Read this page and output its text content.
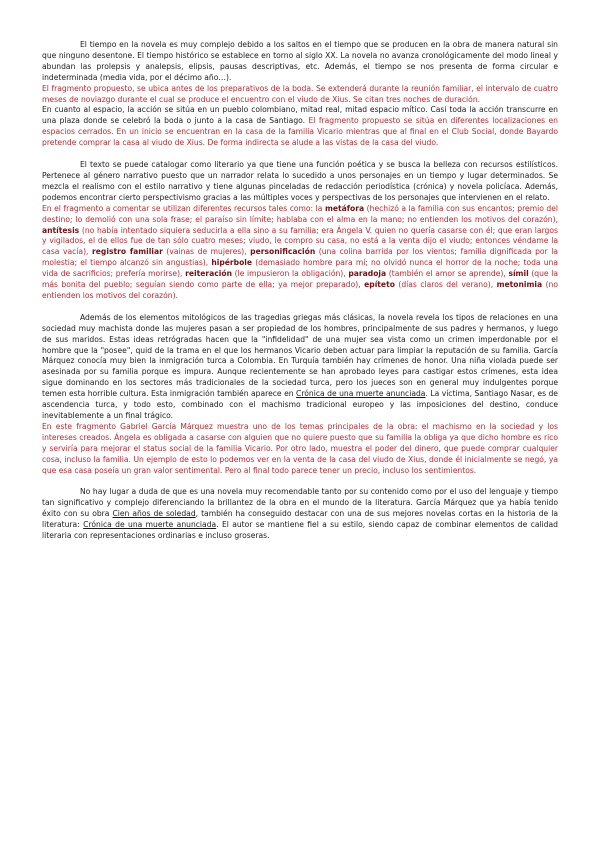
El tiempo en la novela es muy complejo debido a los saltos en el tiempo que se producen en la obra de manera natural sin que ninguno desentone. El tiempo histórico se establece en torno al siglo XX. La novela no avanza cronológicamente del modo lineal y abundan las prolepsis y analepsis, elipsis, pausas descriptivas, etc. Además, el tiempo se nos presenta de forma circular e indeterminada (media vida, por el décimo año…).

El fragmento propuesto, se ubica antes de los preparativos de la boda. Se extenderá durante la reunión familiar, el intervalo de cuatro meses de noviazgo durante el cual se produce el encuentro con el viudo de Xius. Se citan tres noches de duración.

En cuanto al espacio, la acción se sitúa en un pueblo colombiano, mitad real, mitad espacio mítico. Casi toda la acción transcurre en una plaza donde se celebró la boda o junto a la casa de Santiago. El fragmento propuesto se sitúa en diferentes localizaciones en espacios cerrados. En un inicio se encuentran en la casa de la familia Vicario mientras que al final en el Club Social, donde Bayardo pretende comprar la casa al viudo de Xius. De forma indirecta se alude a las vistas de la casa del viudo.

El texto se puede catalogar como literario ya que tiene una función poética y se busca la belleza con recursos estilísticos. Pertenece al género narrativo puesto que un narrador relata lo sucedido a unos personajes en un tiempo y lugar determinados. Se mezcla el realismo con el estilo narrativo y tiene algunas pinceladas de redacción periodística (crónica) y novela policíaca. Además, podemos encontrar cierto perspectivismo gracias a las múltiples voces y perspectivas de los personajes que intervienen en el relato.

En el fragmento a comentar se utilizan diferentes recursos tales como: la metáfora (hechizó a la familia con sus encantos; premio del destino; lo demolió con una sola frase; el paraíso sin límite; hablaba con el alma en la mano; no entienden los motivos del corazón), antítesis (no había intentado siquiera seducirla a ella sino a su familia; era Ángela V. quien no quería casarse con él; que eran largos y vigilados, el de ellos fue de tan sólo cuatro meses; viudo, le compro su casa, no está a la venta dijo el viudo; entonces véndame la casa vacía), registro familiar (vainas de mujeres), personificación (una colina barrida por los vientos; familia dignificada por la molestia; el tiempo alcanzó sin angustias), hipérbole (demasiado hombre para mí; no olvidó nunca el horror de la noche; toda una vida de sacrificios; prefería morirse), reiteración (le impusieron la obligación), paradoja (también el amor se aprende), símil (que la más bonita del pueblo; seguían siendo como parte de ella; ya mejor preparado), epíteto (días claros del verano), metonimia (no entienden los motivos del corazón).

Además de los elementos mitológicos de las tragedias griegas más clásicas, la novela revela los tipos de relaciones en una sociedad muy machista donde las mujeres pasan a ser propiedad de los hombres, principalmente de sus padres y hermanos, y luego de sus maridos. Estas ideas retrógradas hacen que la "infidelidad" de una mujer sea vista como un crimen imperdonable por el hombre que la "posee", quid de la trama en el que los hermanos Vicario deben actuar para limpiar la reputación de su familia. García Márquez conocía muy bien la inmigración turca a Colombia. En Turquía también hay crímenes de honor. Una niña violada puede ser asesinada por su familia porque es impura. Aunque recientemente se han aprobado leyes para castigar estos crímenes, esta idea sigue dominando en los sectores más tradicionales de la sociedad turca, pero los jueces son en general muy indulgentes porque temen esta horrible cultura. Esta inmigración también aparece en Crónica de una muerte anunciada. La víctima, Santiago Nasar, es de ascendencia turca, y todo esto, combinado con el machismo tradicional europeo y las imposiciones del destino, conduce inevitablemente a un final trágico.

En este fragmento Gabriel García Márquez muestra uno de los temas principales de la obra: el machismo en la sociedad y los intereses creados. Ángela es obligada a casarse con alguien que no quiere puesto que su familia la obliga ya que dicho hombre es rico y serviría para mejorar el status social de la familia Vicario. Por otro lado, muestra el poder del dinero, que puede comprar cualquier cosa, incluso la familia. Un ejemplo de esto lo podemos ver en la venta de la casa del viudo de Xius, donde él inicialmente se negó, ya que esa casa poseía un gran valor sentimental. Pero al final todo parece tener un precio, incluso los sentimientos.

No hay lugar a duda de que es una novela muy recomendable tanto por su contenido como por el uso del lenguaje y tiempo tan significativo y complejo diferenciando la brillantez de la obra en el mundo de la literatura. García Márquez que ya había tenido éxito con su obra Cien años de soledad, también ha conseguido destacar con una de sus mejores novelas cortas en la historia de la literatura: Crónica de una muerte anunciada. El autor se mantiene fiel a su estilo, siendo capaz de combinar elementos de calidad literaria con representaciones ordinarias e incluso groseras.
